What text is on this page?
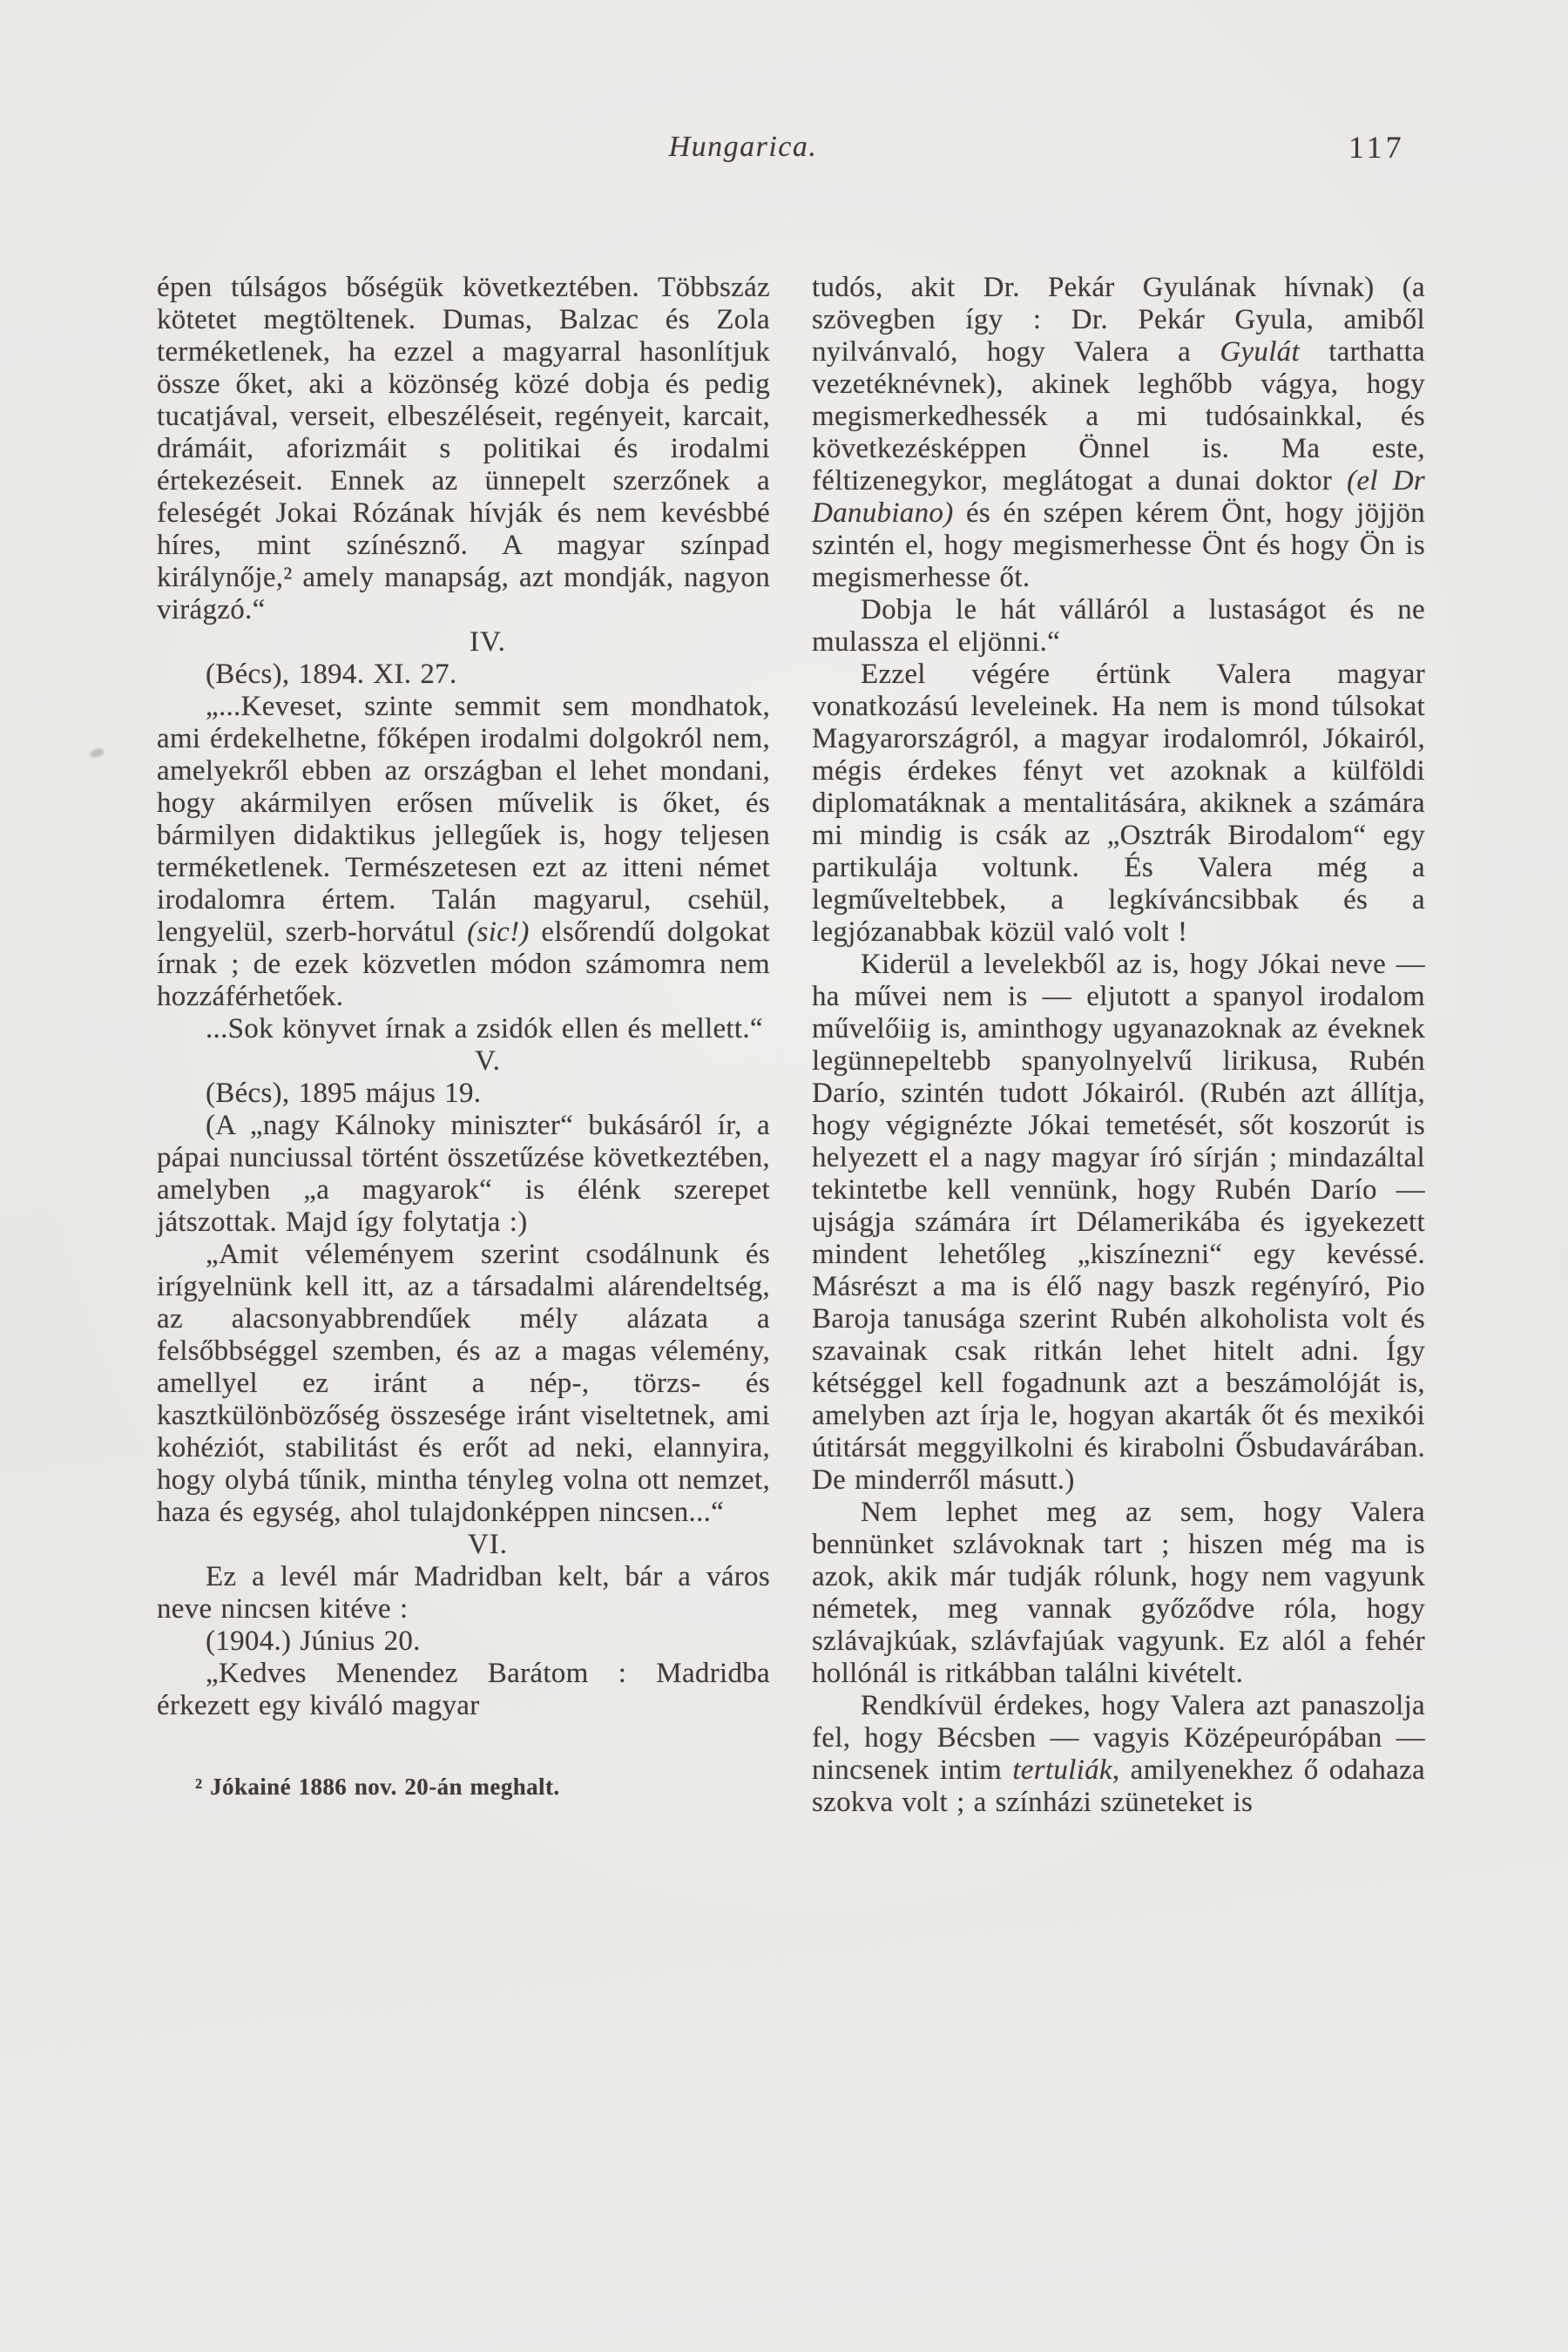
Hungarica.	117

épen túlságos bőségük következtében. Többszáz kötetet megtöltenek. Dumas, Balzac és Zola terméketlenek, ha ezzel a magyarral hasonlítjuk össze őket, aki a közönség közé dobja és pedig tucatjával, verseit, elbeszéléseit, regényeit, karcait, drámáit, aforizmáit s politikai és irodalmi értekezéseit. Ennek az ünnepelt szerzőnek a feleségét Jokai Rózának hívják és nem kevésbbé híres, mint színésznő. A magyar színpad királynője,² amely manapság, azt mondják, nagyon virágzó.“

IV.

(Bécs), 1894. XI. 27.

„...Keveset, szinte semmit sem mondhatok, ami érdekelhetne, főképen irodalmi dolgokról nem, amelyekről ebben az országban el lehet mondani, hogy akármilyen erősen művelik is őket, és bármilyen didaktikus jellegűek is, hogy teljesen terméketlenek. Természetesen ezt az itteni német irodalomra értem. Talán magyarul, csehül, lengyelül, szerb-horvátul (sic!) elsőrendű dolgokat írnak ; de ezek közvetlen módon számomra nem hozzáférhetőek.

...Sok könyvet írnak a zsidók ellen és mellett.“

V.

(Bécs), 1895 május 19.

(A „nagy Kálnoky miniszter“ bukásáról ír, a pápai nunciussal történt összetűzése következtében, amelyben „a magyarok“ is élénk szerepet játszottak. Majd így folytatja :)

„Amit véleményem szerint csodálnunk és irígyelnünk kell itt, az a társadalmi alárendeltség, az alacsonyabbrendűek mély alázata a felsőbbséggel szemben, és az a magas vélemény, amellyel ez iránt a nép-, törzs- és kasztkülönbözőség összesége iránt viseltetnek, ami kohéziót, stabilitást és erőt ad neki, elannyira, hogy olybá tűnik, mintha tényleg volna ott nemzet, haza és egység, ahol tulajdonképpen nincsen...“

VI.

Ez a levél már Madridban kelt, bár a város neve nincsen kitéve :

(1904.) Június 20.

„Kedves Menendez Barátom : Madridba érkezett egy kiváló magyar

² Jókainé 1886 nov. 20-án meghalt.

tudós, akit Dr. Pekár Gyulának hívnak) (a szövegben így : Dr. Pekár Gyula, amiből nyilvánvaló, hogy Valera a Gyulát tarthatta vezetéknévnek), akinek leghőbb vágya, hogy megismerkedhessék a mi tudósainkkal, és következésképpen Önnel is. Ma este, féltizenegykor, meglátogat a dunai doktor (el Dr Danubiano) és én szépen kérem Önt, hogy jöjjön szintén el, hogy megismerhesse Önt és hogy Ön is megismerhesse őt.

Dobja le hát válláról a lustaságot és ne mulassza el eljönni.“

Ezzel végére értünk Valera magyar vonatkozású leveleinek. Ha nem is mond túlsokat Magyarországról, a magyar irodalomról, Jókairól, mégis érdekes fényt vet azoknak a külföldi diplomatáknak a mentalitására, akiknek a számára mi mindig is csák az „Osztrák Birodalom“ egy partikulája voltunk. És Valera még a legműveltebbek, a legkíváncsibbak és a legjózanabbak közül való volt !

Kiderül a levelekből az is, hogy Jókai neve — ha művei nem is — eljutott a spanyol irodalom művelőiig is, aminthogy ugyanazoknak az éveknek legünnepeltebb spanyolnyelvű lirikusa, Rubén Darío, szintén tudott Jókairól. (Rubén azt állítja, hogy végignézte Jókai temetését, sőt koszorút is helyezett el a nagy magyar író sírján ; mindazáltal tekintetbe kell vennünk, hogy Rubén Darío — ujságja számára írt Délamerikába és igyekezett mindent lehetőleg „kiszínezni“ egy kevéssé. Másrészt a ma is élő nagy baszk regényíró, Pio Baroja tanusága szerint Rubén alkoholista volt és szavainak csak ritkán lehet hitelt adni. Így kétséggel kell fogadnunk azt a beszámolóját is, amelyben azt írja le, hogyan akarták őt és mexikói útitársát meggyilkolni és kirabolni Ősbudavárában. De minderről másutt.)

Nem lephet meg az sem, hogy Valera bennünket szlávoknak tart ; hiszen még ma is azok, akik már tudják rólunk, hogy nem vagyunk németek, meg vannak győződve róla, hogy szlávajkúak, szlávfajúak vagyunk. Ez alól a fehér hollónál is ritkábban találni kivételt.

Rendkívül érdekes, hogy Valera azt panaszolja fel, hogy Bécsben — vagyis Középeurópában — nincsenek intim tertuliák, amilyenekhez ő odahaza szokva volt ; a színházi szüneteket is
